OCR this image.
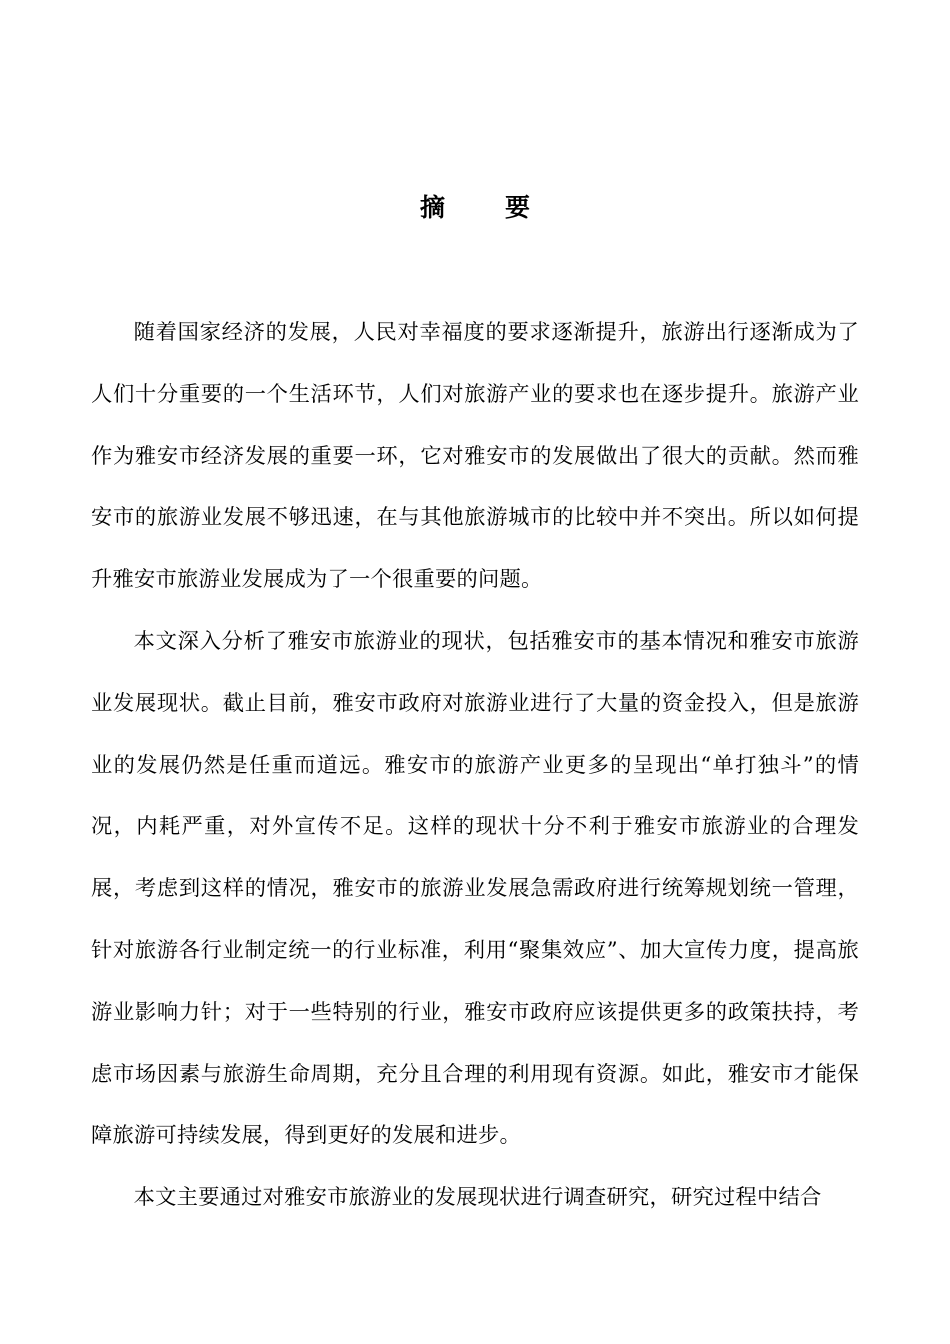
摘要

随着国家经济的发展，人民对幸福度的要求逐渐提升，旅游出行逐渐成为了人们十分重要的一个生活环节，人们对旅游产业的要求也在逐步提升。旅游产业作为雅安市经济发展的重要一环，它对雅安市的发展做出了很大的贡献。然而雅安市的旅游业发展不够迅速，在与其他旅游城市的比较中并不突出。所以如何提升雅安市旅游业发展成为了一个很重要的问题。

本文深入分析了雅安市旅游业的现状，包括雅安市的基本情况和雅安市旅游业发展现状。截止目前，雅安市政府对旅游业进行了大量的资金投入，但是旅游业的发展仍然是任重而道远。雅安市的旅游产业更多的呈现出“单打独斗”的情况，内耗严重，对外宣传不足。这样的现状十分不利于雅安市旅游业的合理发展，考虑到这样的情况，雅安市的旅游业发展急需政府进行统筹规划统一管理，针对旅游各行业制定统一的行业标准，利用“聚集效应”、加大宣传力度，提高旅游业影响力针；对于一些特别的行业，雅安市政府应该提供更多的政策扶持，考虑市场因素与旅游生命周期，充分且合理的利用现有资源。如此，雅安市才能保障旅游可持续发展，得到更好的发展和进步。

本文主要通过对雅安市旅游业的发展现状进行调查研究，研究过程中结合
